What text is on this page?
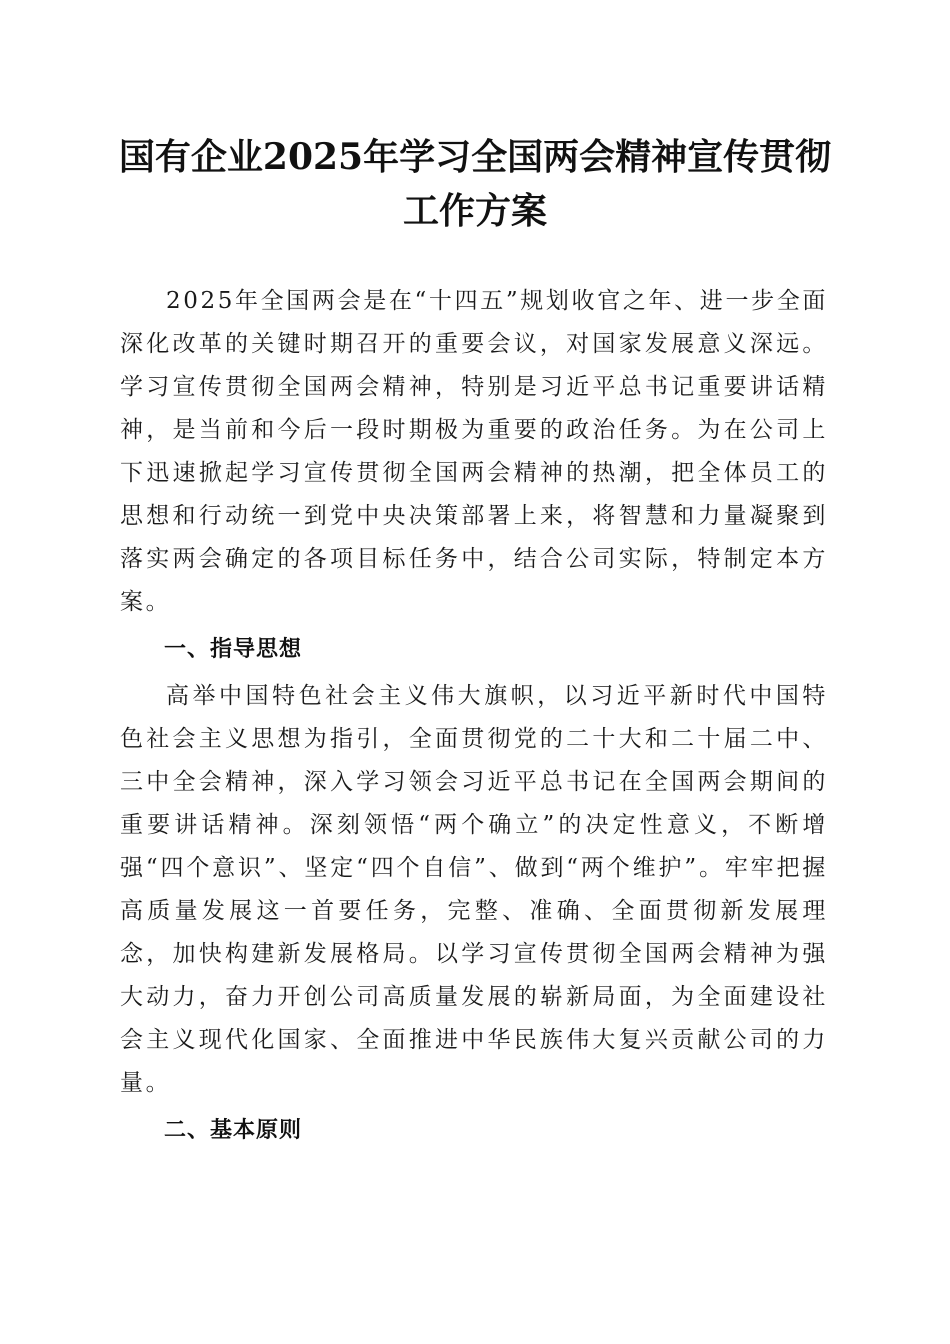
国有企业2025年学习全国两会精神宣传贯彻
工作方案

2025年全国两会是在“十四五”规划收官之年、进一步全面深化改革的关键时期召开的重要会议，对国家发展意义深远。学习宣传贯彻全国两会精神，特别是习近平总书记重要讲话精神，是当前和今后一段时期极为重要的政治任务。为在公司上下迅速掀起学习宣传贯彻全国两会精神的热潮，把全体员工的思想和行动统一到党中央决策部署上来，将智慧和力量凝聚到落实两会确定的各项目标任务中，结合公司实际，特制定本方案。

一、指导思想

高举中国特色社会主义伟大旗帜，以习近平新时代中国特色社会主义思想为指引，全面贯彻党的二十大和二十届二中、三中全会精神，深入学习领会习近平总书记在全国两会期间的重要讲话精神。深刻领悟“两个确立”的决定性意义，不断增强“四个意识”、坚定“四个自信”、做到“两个维护”。牢牢把握高质量发展这一首要任务，完整、准确、全面贯彻新发展理念，加快构建新发展格局。以学习宣传贯彻全国两会精神为强大动力，奋力开创公司高质量发展的崭新局面，为全面建设社会主义现代化国家、全面推进中华民族伟大复兴贡献公司的力量。

二、基本原则
